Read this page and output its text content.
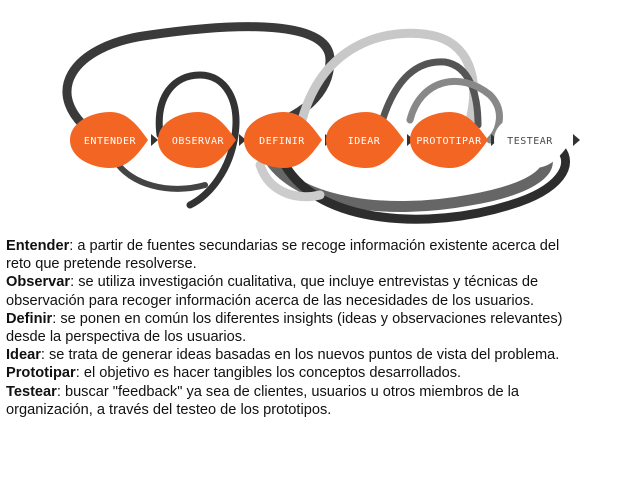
ENTENDER	OBSERVAR	DEFINIR	IDEAR	PROTOTIPAR	TESTEAR
Entender: a partir de fuentes secundarias se recoge información existente acerca del
reto que pretende resolverse.
Observar: se utiliza investigación cualitativa, que incluye entrevistas y técnicas de
observación para recoger información acerca de las necesidades de los usuarios.
Definir: se ponen en común los diferentes insights (ideas y observaciones relevantes)
desde la perspectiva de los usuarios.
Idear: se trata de generar ideas basadas en los nuevos puntos de vista del problema.
Prototipar: el objetivo es hacer tangibles los conceptos desarrollados.
Testear: buscar "feedback" ya sea de clientes, usuarios u otros miembros de la
organización, a través del testeo de los prototipos.
